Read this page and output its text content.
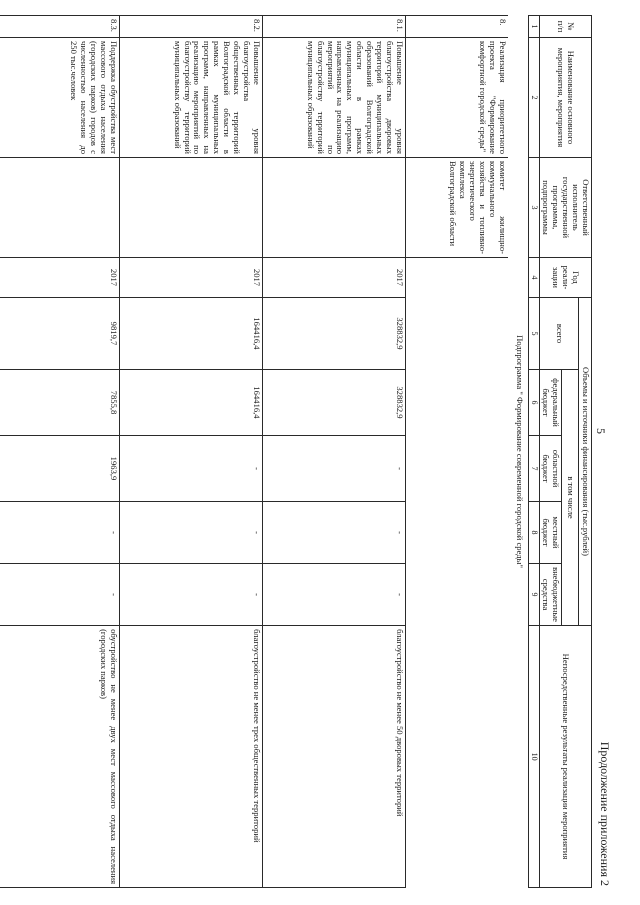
5
Продолжение приложения 2
№ п/п	Наименование основного мероприятия, мероприятия	Ответственный исполнитель государственной программы, подпрограммы	Год реали-зации	Объемы и источники финансирования (тыс.рублей)					Непосредственные результаты реализации мероприятия
				всего	в том числе				
					федеральный бюджет	областной бюджет	местный бюджет	внебюджетные средства	
1	2	3	4	5	6	7	8	9	10
Подпрограмма " Формирование современной городской среды"									
8.	Реализация приоритетного проекта "Формирование комфортной городской среды"	комитет жилищно-коммунального хозяйства и топливно-энергетического комплекса Волгоградской области							
8.1.	Повышение уровня благоустройства дворовых территорий муниципальных образований Волгоградской области в рамках муниципальных программ, направленных на реализацию мероприятий по благоустройству территорий муниципальных образований		2017	328832,9	328832,9	-	-	-	благоустройство не менее 50 дворовых территорий
8.2.	Повышение уровня благоустройства общественных территорий Волгоградской области в рамках муниципальных программ, направленных на реализацию мероприятий по благоустройству территорий муниципальных образований		2017	164416,4	164416,4	-	-	-	благоустройство не менее трех общественных территорий
8.3.	Поддержка обустройства мест массового отдыха населения (городских парков) городов с численностью населения до 250 тыс.человек		2017	9819,7	7855,8	1963,9	-	-	обустройство не менее двух мест массового отдыха населения (городских парков)
